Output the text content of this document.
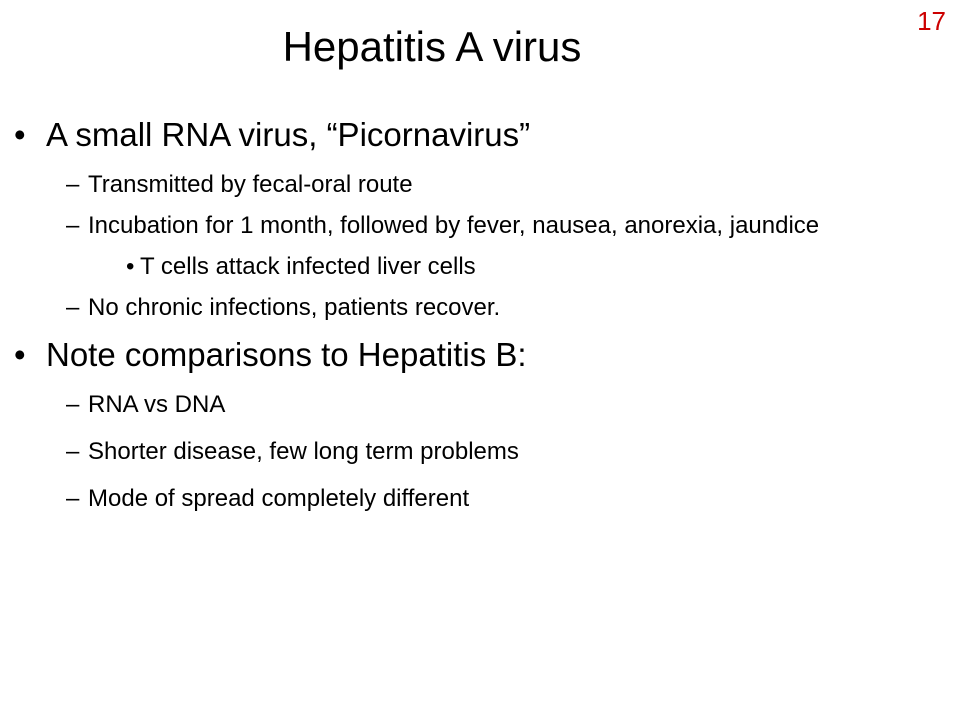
17
Hepatitis A virus
• A small RNA virus, “Picornavirus”
– Transmitted by fecal-oral route
– Incubation for 1 month, followed by fever, nausea, anorexia, jaundice
• T cells attack infected liver cells
– No chronic infections, patients recover.
• Note comparisons to Hepatitis B:
– RNA vs DNA
– Shorter disease, few long term problems
– Mode of spread completely different
